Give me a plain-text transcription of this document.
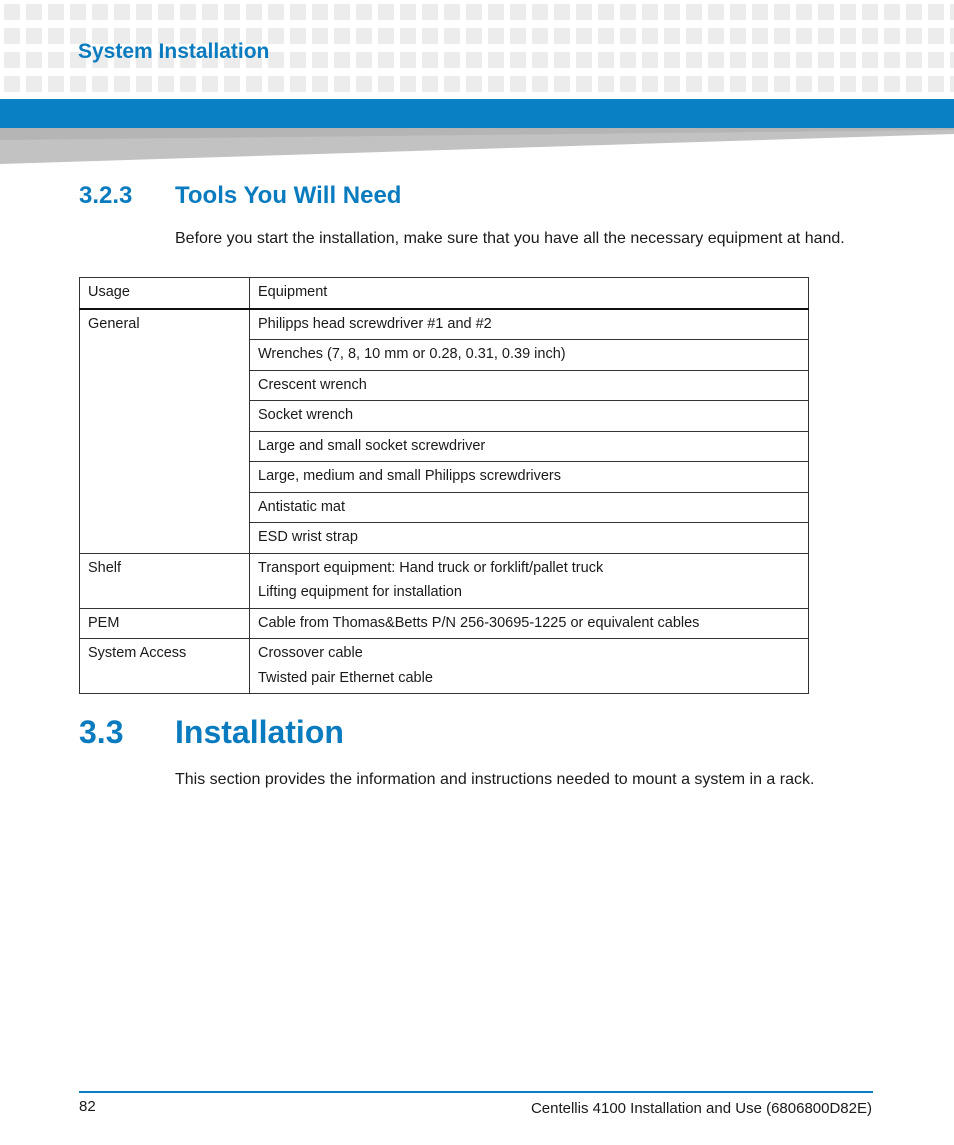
System Installation
3.2.3 Tools You Will Need

Before you start the installation, make sure that you have all the necessary equipment at hand.

Usage	Equipment
General	Philipps head screwdriver #1 and #2
	Wrenches (7, 8, 10 mm or 0.28, 0.31, 0.39 inch)
	Crescent wrench
	Socket wrench
	Large and small socket screwdriver
	Large, medium and small Philipps screwdrivers
	Antistatic mat
	ESD wrist strap
Shelf	Transport equipment: Hand truck or forklift/pallet truck
Lifting equipment for installation

PEM	Cable from Thomas&Betts P/N 256-30695-1225 or equivalent cables
System Access	Crossover cable
Twisted pair Ethernet cable
3.3 Installation

This section provides the information and instructions needed to mount a system in a rack.

82	Centellis 4100 Installation and Use (6806800D82E)
